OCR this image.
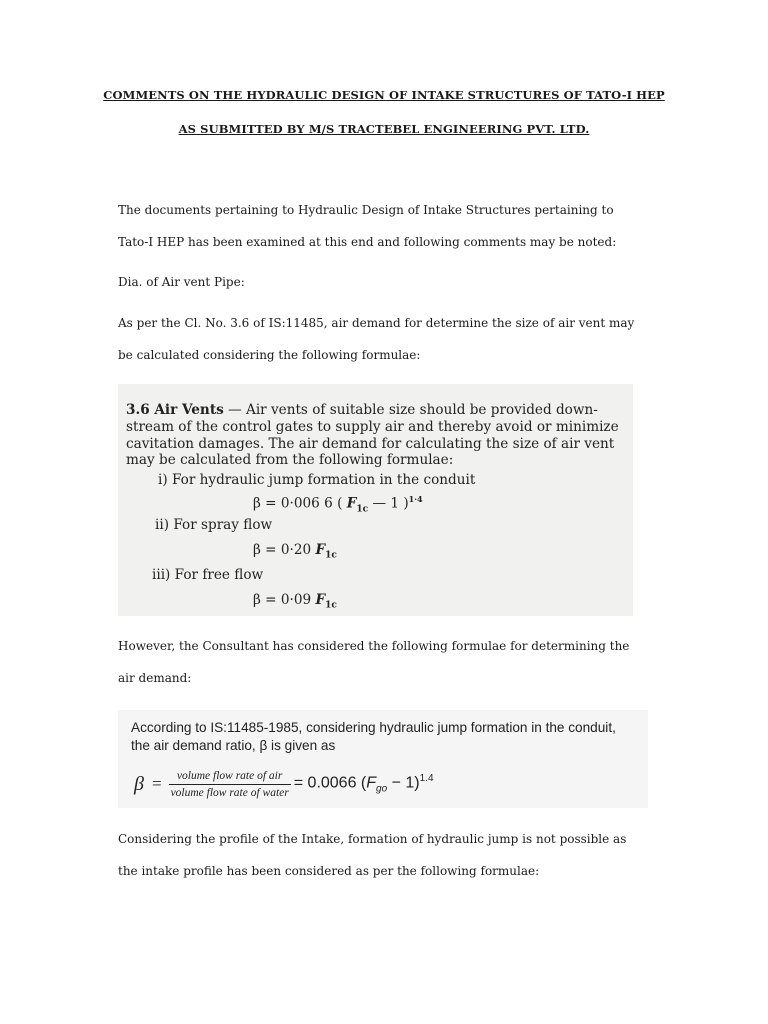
COMMENTS ON THE HYDRAULIC DESIGN OF INTAKE STRUCTURES OF TATO-I HEP
AS SUBMITTED BY M/S TRACTEBEL ENGINEERING PVT. LTD.
The documents pertaining to Hydraulic Design of Intake Structures pertaining to
Tato-I HEP has been examined at this end and following comments may be noted:
Dia. of Air vent Pipe:
As per the Cl. No. 3.6 of IS:11485, air demand for determine the size of air vent may
be calculated considering the following formulae:
3.6 Air Vents — Air vents of suitable size should be provided down-
stream of the control gates to supply air and thereby avoid or minimize
cavitation damages. The air demand for calculating the size of air vent
may be calculated from the following formulae:
i) For hydraulic jump formation in the conduit
β = 0·006 6 ( $F_{1c}$ — 1 )$^{1\cdot 4}$
ii) For spray flow
β = 0·20 $F_{1c}$
iii) For free flow
β = 0·09 $F_{1c}$
However, the Consultant has considered the following formulae for determining the
air demand:
According to IS:11485-1985, considering hydraulic jump formation in the conduit,
the air demand ratio, β is given as
$\beta = \frac{\text{volume flow rate of air}}{\text{volume flow rate of water}} = 0.0066$ $(F_{go} - 1)^{1.4}$
Considering the profile of the Intake, formation of hydraulic jump is not possible as
the intake profile has been considered as per the following formulae:
